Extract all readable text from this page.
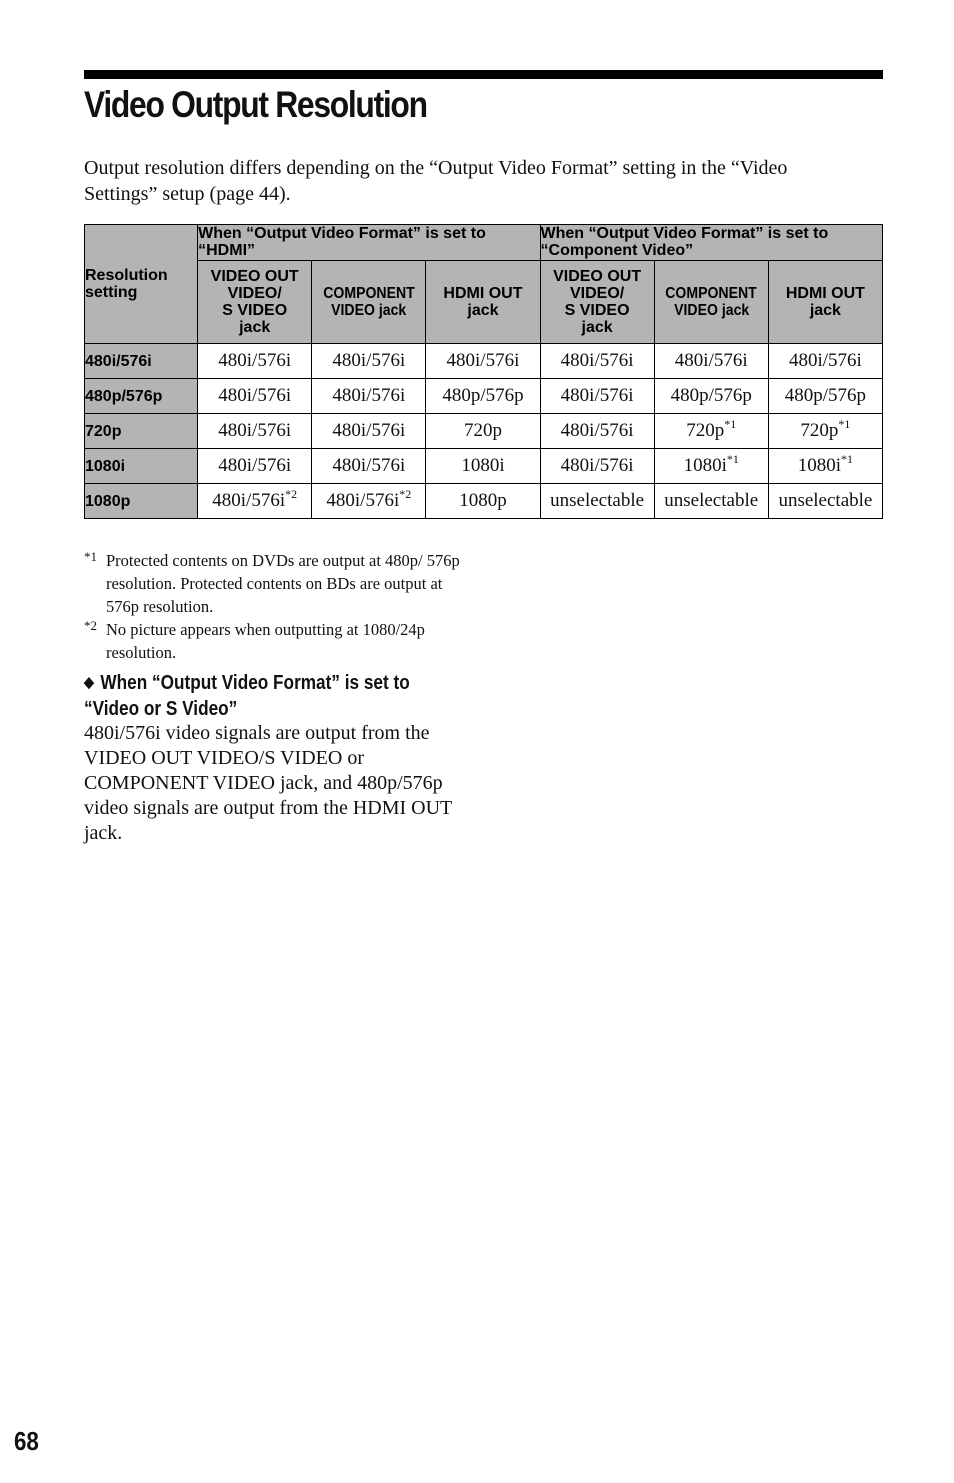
Video Output Resolution

Output resolution differs depending on the “Output Video Format” setting in the “Video Settings” setup (page 44).

Resolution setting	When “Output Video Format” is set to “HDMI”			When “Output Video Format” is set to “Component Video”		
	VIDEO OUT
VIDEO/
S VIDEO
jack	COMPONENT
VIDEO jack	HDMI OUT
jack	VIDEO OUT
VIDEO/
S VIDEO
jack	COMPONENT
VIDEO jack	HDMI OUT
jack
480i/576i	480i/576i	480i/576i	480i/576i	480i/576i	480i/576i	480i/576i
480p/576p	480i/576i	480i/576i	480p/576p	480i/576i	480p/576p	480p/576p
720p	480i/576i	480i/576i	720p	480i/576i	$720p^{*1}$	$720p^{*1}$
1080i	480i/576i	480i/576i	1080i	480i/576i	$1080i^{*1}$	$1080i^{*1}$
1080p	$480i/576i^{*2}$	$480i/576i^{*2}$	1080p	unselectable	unselectable	unselectable
*1 Protected contents on DVDs are output at 480p/ 576p resolution. Protected contents on BDs are output at 576p resolution.
*2 No picture appears when outputting at 1080/24p resolution.
◆ When “Output Video Format” is set to “Video or S Video”

480i/576i video signals are output from the VIDEO OUT VIDEO/S VIDEO or COMPONENT VIDEO jack, and 480p/576p video signals are output from the HDMI OUT jack.

68
